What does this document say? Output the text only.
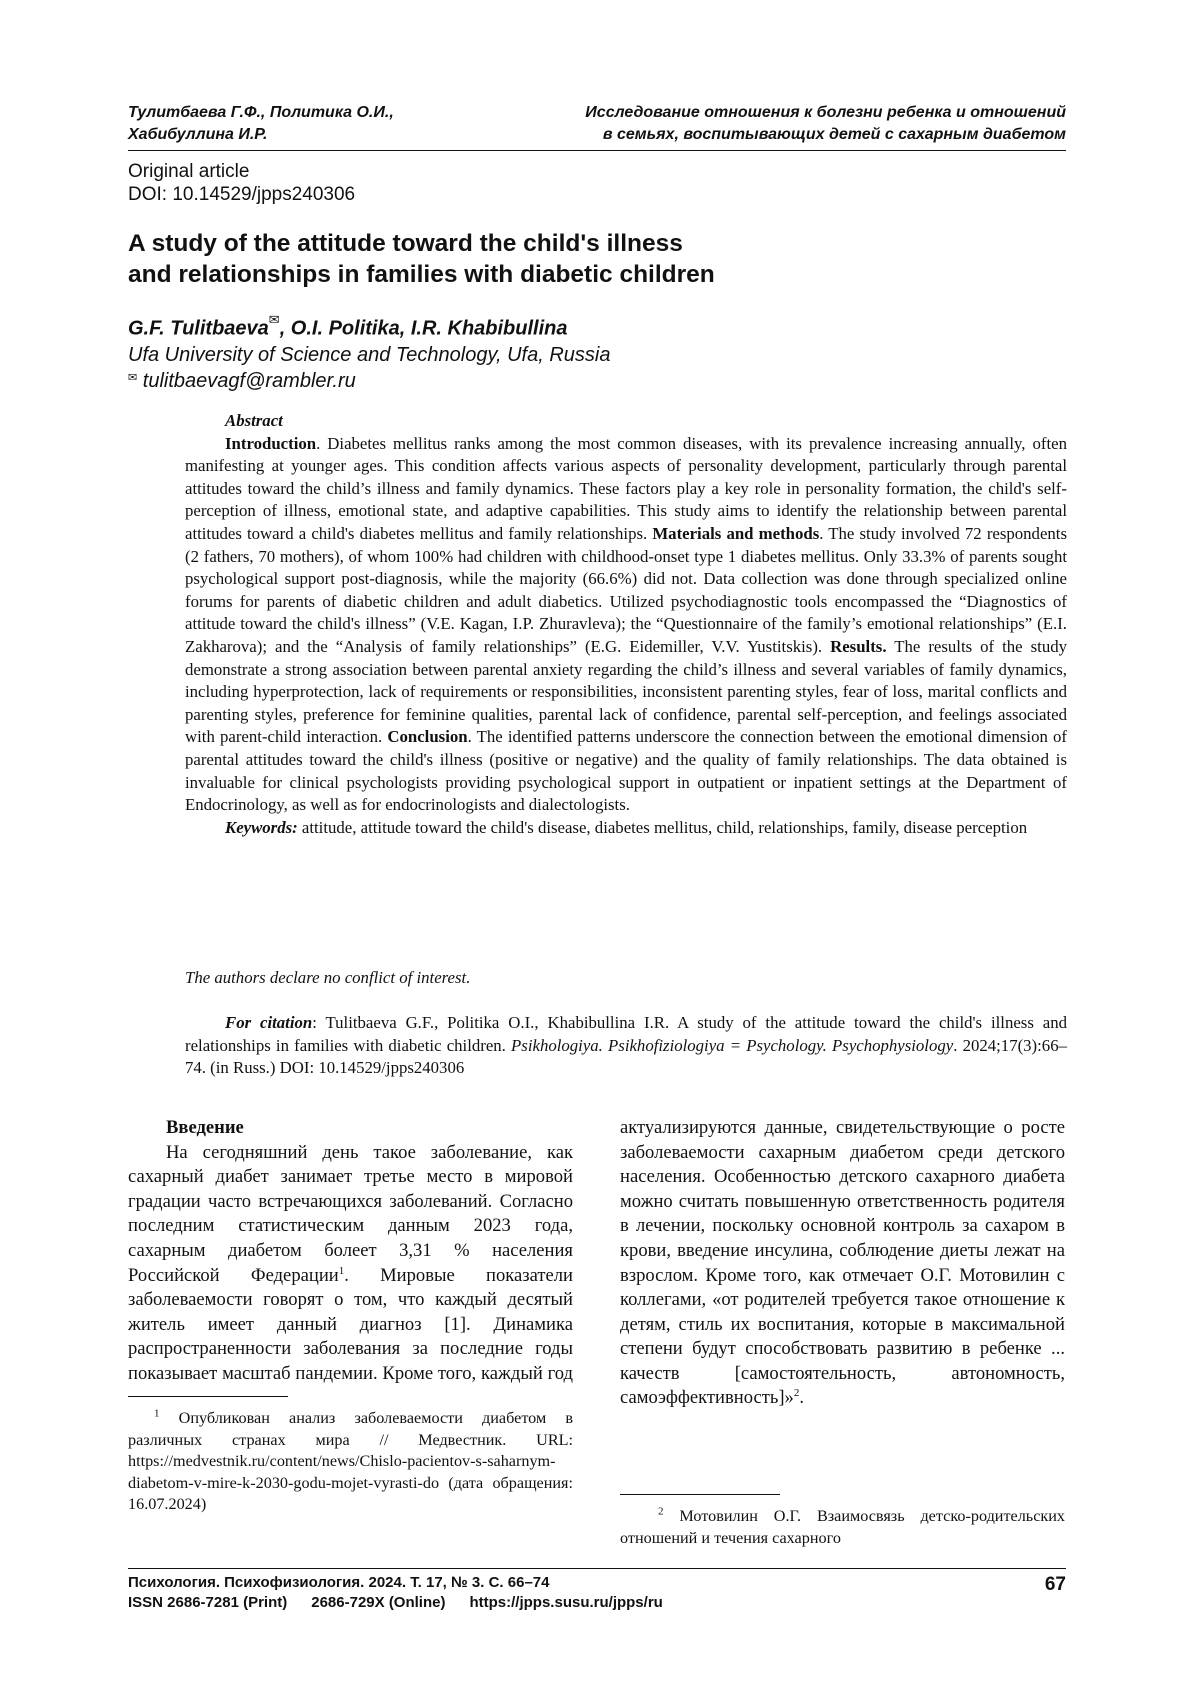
Тулитбаева Г.Ф., Политика О.И.,
Хабибуллина И.Р.
Исследование отношения к болезни ребенка и отношений
в семьях, воспитывающих детей с сахарным диабетом
Original article
DOI: 10.14529/jpps240306
A study of the attitude toward the child's illness
and relationships in families with diabetic children
G.F. Tulitbaeva✉, O.I. Politika, I.R. Khabibullina
Ufa University of Science and Technology, Ufa, Russia
✉ tulitbaevagf@rambler.ru

Abstract

Introduction. Diabetes mellitus ranks among the most common diseases, with its prevalence increasing annually, often manifesting at younger ages. This condition affects various aspects of personality development, particularly through parental attitudes toward the child’s illness and family dynamics. These factors play a key role in personality formation, the child's self-perception of illness, emotional state, and adaptive capabilities. This study aims to identify the relationship between parental attitudes toward a child's diabetes mellitus and family relationships. Materials and methods. The study involved 72 respondents (2 fathers, 70 mothers), of whom 100% had children with childhood-onset type 1 diabetes mellitus. Only 33.3% of parents sought psychological support post-diagnosis, while the majority (66.6%) did not. Data collection was done through specialized online forums for parents of diabetic children and adult diabetics. Utilized psychodiagnostic tools encompassed the “Diagnostics of attitude toward the child's illness” (V.E. Kagan, I.P. Zhuravleva); the “Questionnaire of the family’s emotional relationships” (E.I. Zakharova); and the “Analysis of family relationships” (E.G. Eidemiller, V.V. Yustitskis). Results. The results of the study demonstrate a strong association between parental anxiety regarding the child’s illness and several variables of family dynamics, including hyperprotection, lack of requirements or responsibilities, inconsistent parenting styles, fear of loss, marital conflicts and parenting styles, preference for feminine qualities, parental lack of confidence, parental self-perception, and feelings associated with parent-child interaction. Conclusion. The identified patterns underscore the connection between the emotional dimension of parental attitudes toward the child's illness (positive or negative) and the quality of family relationships. The data obtained is invaluable for clinical psychologists providing psychological support in outpatient or inpatient settings at the Department of Endocrinology, as well as for endocrinologists and dialectologists.

Keywords: attitude, attitude toward the child's disease, diabetes mellitus, child, relationships, family, disease perception

The authors declare no conflict of interest.

For citation: Tulitbaeva G.F., Politika O.I., Khabibullina I.R. A study of the attitude toward the child's illness and relationships in families with diabetic children. Psikhologiya. Psikhofiziologiya = Psychology. Psychophysiology. 2024;17(3):66–74. (in Russ.) DOI: 10.14529/jpps240306

Введение

На сегодняшний день такое заболевание, как сахарный диабет занимает третье место в мировой градации часто встречающихся заболеваний. Согласно последним статистическим данным 2023 года, сахарным диабетом болеет 3,31 % населения Российской Федерации$^1$. Мировые показатели заболеваемости говорят о том, что каждый десятый житель имеет данный диагноз [1]. Динамика распространенности заболевания за последние годы показывает масштаб пандемии. Кроме того, каждый год

актуализируются данные, свидетельствующие о росте заболеваемости сахарным диабетом среди детского населения. Особенностью детского сахарного диабета можно считать повышенную ответственность родителя в лечении, поскольку основной контроль за сахаром в крови, введение инсулина, соблюдение диеты лежат на взрослом. Кроме того, как отмечает О.Г. Мотовилин с коллегами, «от родителей требуется такое отношение к детям, стиль их воспитания, которые в максимальной степени будут способствовать развитию в ребенке ... качеств [самостоятельность, автономность, самоэффективность]»$^2$.

$^1$ Опубликован анализ заболеваемости диабетом в различных странах мира // Медвестник. URL: https://medvestnik.ru/content/news/Chislo-pacientov-s-saharnym-diabetom-v-mire-k-2030-godu-mojet-vyrasti-do (дата обращения: 16.07.2024)	$^2$ Мотовилин О.Г. Взаимосвязь детско-родительских отношений и течения сахарного

Психология. Психофизиология. 2024. Т. 17, № 3. С. 66–74
ISSN 2686-7281 (Print) 2686-729X (Online) https://jpps.susu.ru/jpps/ru
67
